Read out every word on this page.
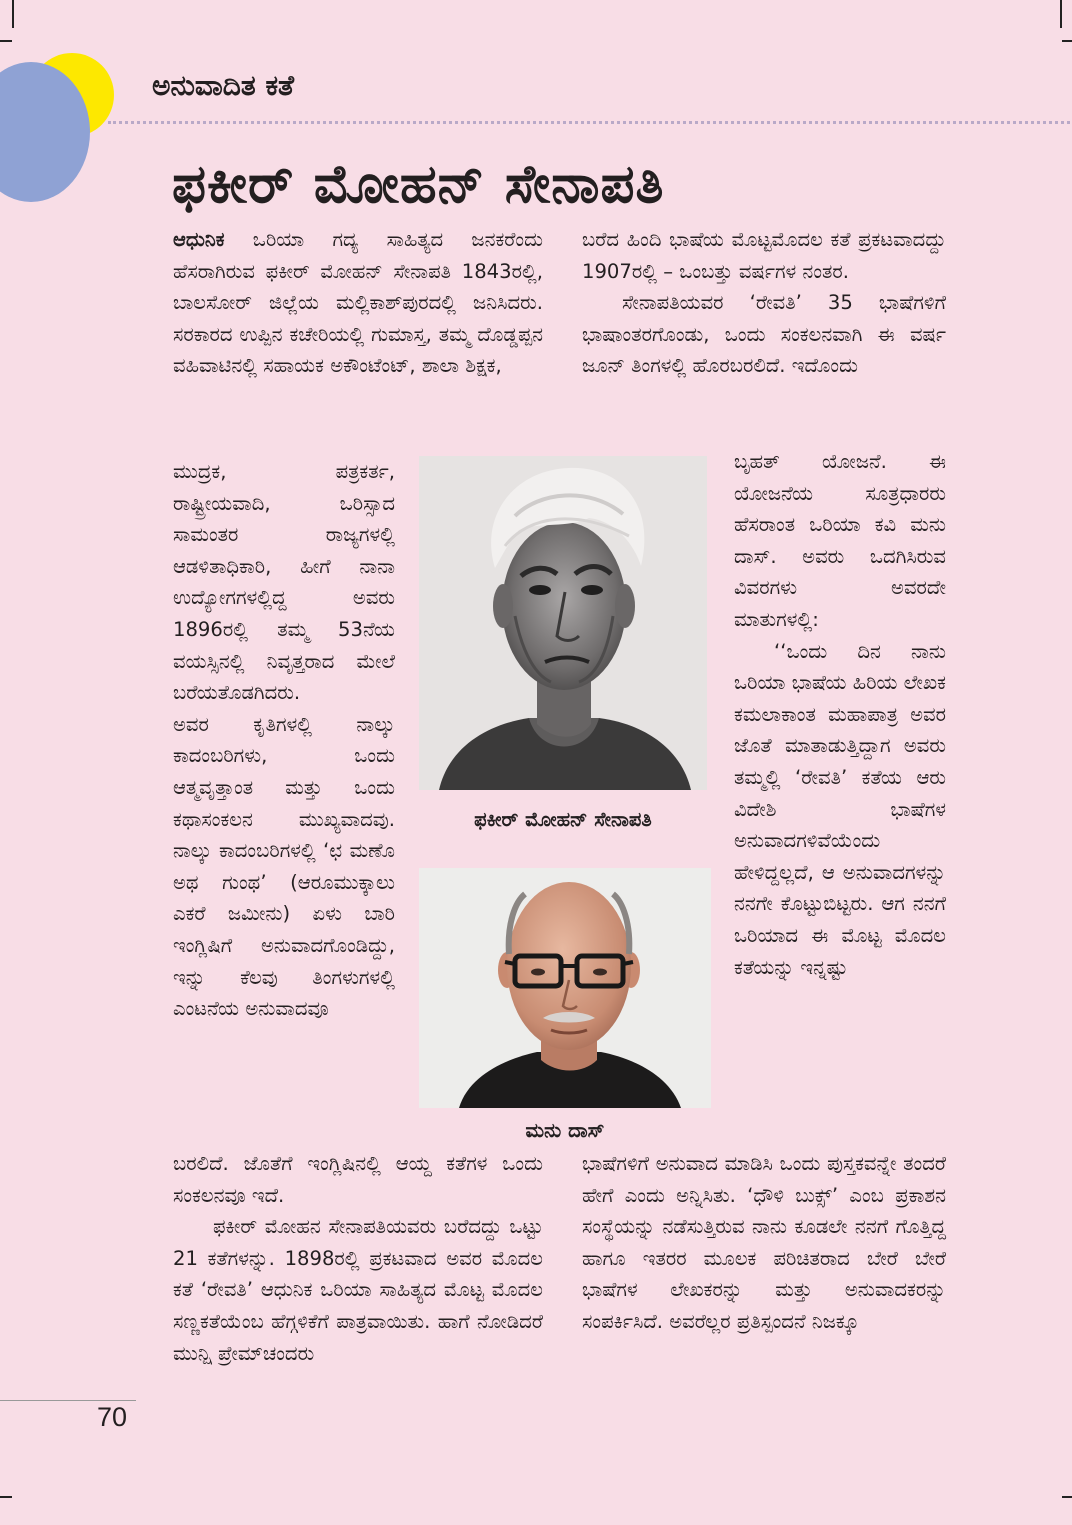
ಅನುವಾದಿತ ಕತೆ
ಫಕೀರ್ ಮೋಹನ್ ಸೇನಾಪತಿ

ಆಧುನಿಕ ಒರಿಯಾ ಗದ್ಯ ಸಾಹಿತ್ಯದ ಜನಕರೆಂದು ಹೆಸರಾಗಿರುವ ಫಕೀರ್ ಮೋಹನ್ ಸೇನಾಪತಿ 1843ರಲ್ಲಿ, ಬಾಲಸೋರ್ ಜಿಲ್ಲೆಯ ಮಲ್ಲಿಕಾಶ್‌ಪುರದಲ್ಲಿ ಜನಿಸಿದರು. ಸರಕಾರದ ಉಪ್ಪಿನ ಕಚೇರಿಯಲ್ಲಿ ಗುಮಾಸ್ತ, ತಮ್ಮ ದೊಡ್ಡಪ್ಪನ ವಹಿವಾಟಿನಲ್ಲಿ ಸಹಾಯಕ ಅಕೌಂಟೆಂಟ್, ಶಾಲಾ ಶಿಕ್ಷಕ,

ಮುದ್ರಕ, ಪತ್ರಕರ್ತ, ರಾಷ್ಟ್ರೀಯವಾದಿ, ಒರಿಸ್ಸಾದ ಸಾಮಂತರ ರಾಜ್ಯಗಳಲ್ಲಿ ಆಡಳಿತಾಧಿಕಾರಿ, ಹೀಗೆ ನಾನಾ ಉದ್ಯೋಗಗಳಲ್ಲಿದ್ದ ಅವರು 1896ರಲ್ಲಿ ತಮ್ಮ 53ನೆಯ ವಯಸ್ಸಿನಲ್ಲಿ ನಿವೃತ್ತರಾದ ಮೇಲೆ ಬರೆಯತೊಡಗಿದರು.

ಅವರ ಕೃತಿಗಳಲ್ಲಿ ನಾಲ್ಕು ಕಾದಂಬರಿಗಳು, ಒಂದು ಆತ್ಮವೃತ್ತಾಂತ ಮತ್ತು ಒಂದು ಕಥಾಸಂಕಲನ ಮುಖ್ಯವಾದವು. ನಾಲ್ಕು ಕಾದಂಬರಿಗಳಲ್ಲಿ ‘ಛ ಮಣೊ ಅಥ ಗುಂಥ’ (ಆರೂಮುಕ್ಕಾಲು ಎಕರೆ ಜಮೀನು) ಏಳು ಬಾರಿ ಇಂಗ್ಲಿಷಿಗೆ ಅನುವಾದಗೊಂಡಿದ್ದು, ಇನ್ನು ಕೆಲವು ತಿಂಗಳುಗಳಲ್ಲಿ ಎಂಟನೆಯ ಅನುವಾದವೂ

ಬರಲಿದೆ. ಜೊತೆಗೆ ಇಂಗ್ಲಿಷಿನಲ್ಲಿ ಆಯ್ದ ಕತೆಗಳ ಒಂದು ಸಂಕಲನವೂ ಇದೆ.

ಫಕೀರ್ ಮೋಹನ ಸೇನಾಪತಿಯವರು ಬರೆದದ್ದು ಒಟ್ಟು 21 ಕತೆಗಳನ್ನು. 1898ರಲ್ಲಿ ಪ್ರಕಟವಾದ ಅವರ ಮೊದಲ ಕತೆ ‘ರೇವತಿ’ ಆಧುನಿಕ ಒರಿಯಾ ಸಾಹಿತ್ಯದ ಮೊಟ್ಟ ಮೊದಲ ಸಣ್ಣಕತೆಯೆಂಬ ಹೆಗ್ಗಳಿಕೆಗೆ ಪಾತ್ರವಾಯಿತು. ಹಾಗೆ ನೋಡಿದರೆ ಮುನ್ಷಿ ಪ್ರೇಮ್‌ಚಂದರು

ಬರೆದ ಹಿಂದಿ ಭಾಷೆಯ ಮೊಟ್ಟಮೊದಲ ಕತೆ ಪ್ರಕಟವಾದದ್ದು 1907ರಲ್ಲಿ – ಒಂಬತ್ತು ವರ್ಷಗಳ ನಂತರ.

ಸೇನಾಪತಿಯವರ ‘ರೇವತಿ’ 35 ಭಾಷೆಗಳಿಗೆ ಭಾಷಾಂತರಗೊಂಡು, ಒಂದು ಸಂಕಲನವಾಗಿ ಈ ವರ್ಷ ಜೂನ್ ತಿಂಗಳಲ್ಲಿ ಹೊರಬರಲಿದೆ. ಇದೊಂದು

ಬೃಹತ್ ಯೋಜನೆ. ಈ ಯೋಜನೆಯ ಸೂತ್ರಧಾರರು ಹೆಸರಾಂತ ಒರಿಯಾ ಕವಿ ಮನು ದಾಸ್. ಅವರು ಒದಗಿಸಿರುವ ವಿವರಗಳು ಅವರದೇ ಮಾತುಗಳಲ್ಲಿ:

‘‘ಒಂದು ದಿನ ನಾನು ಒರಿಯಾ ಭಾಷೆಯ ಹಿರಿಯ ಲೇಖಕ ಕಮಲಾಕಾಂತ ಮಹಾಪಾತ್ರ ಅವರ ಜೊತೆ ಮಾತಾಡುತ್ತಿದ್ದಾಗ ಅವರು ತಮ್ಮಲ್ಲಿ ‘ರೇವತಿ’ ಕತೆಯ ಆರು ವಿದೇಶಿ ಭಾಷೆಗಳ ಅನುವಾದಗಳಿವೆಯೆಂದು ಹೇಳಿದ್ದಲ್ಲದೆ, ಆ ಅನುವಾದಗಳನ್ನು ನನಗೇ ಕೊಟ್ಟುಬಿಟ್ಟರು. ಆಗ ನನಗೆ ಒರಿಯಾದ ಈ ಮೊಟ್ಟ ಮೊದಲ ಕತೆಯನ್ನು ಇನ್ನಷ್ಟು

ಭಾಷೆಗಳಿಗೆ ಅನುವಾದ ಮಾಡಿಸಿ ಒಂದು ಪುಸ್ತಕವನ್ನೇ ತಂದರೆ ಹೇಗೆ ಎಂದು ಅನ್ನಿಸಿತು. ‘ಧೌಳಿ ಬುಕ್ಸ್’ ಎಂಬ ಪ್ರಕಾಶನ ಸಂಸ್ಥೆಯನ್ನು ನಡೆಸುತ್ತಿರುವ ನಾನು ಕೂಡಲೇ ನನಗೆ ಗೊತ್ತಿದ್ದ ಹಾಗೂ ಇತರರ ಮೂಲಕ ಪರಿಚಿತರಾದ ಬೇರೆ ಬೇರೆ ಭಾಷೆಗಳ ಲೇಖಕರನ್ನು ಮತ್ತು ಅನುವಾದಕರನ್ನು ಸಂಪರ್ಕಿಸಿದೆ. ಅವರೆಲ್ಲರ ಪ್ರತಿಸ್ಪಂದನೆ ನಿಜಕ್ಕೂ

ಫಕೀರ್ ಮೋಹನ್ ಸೇನಾಪತಿ

ಮನು ದಾಸ್

70
